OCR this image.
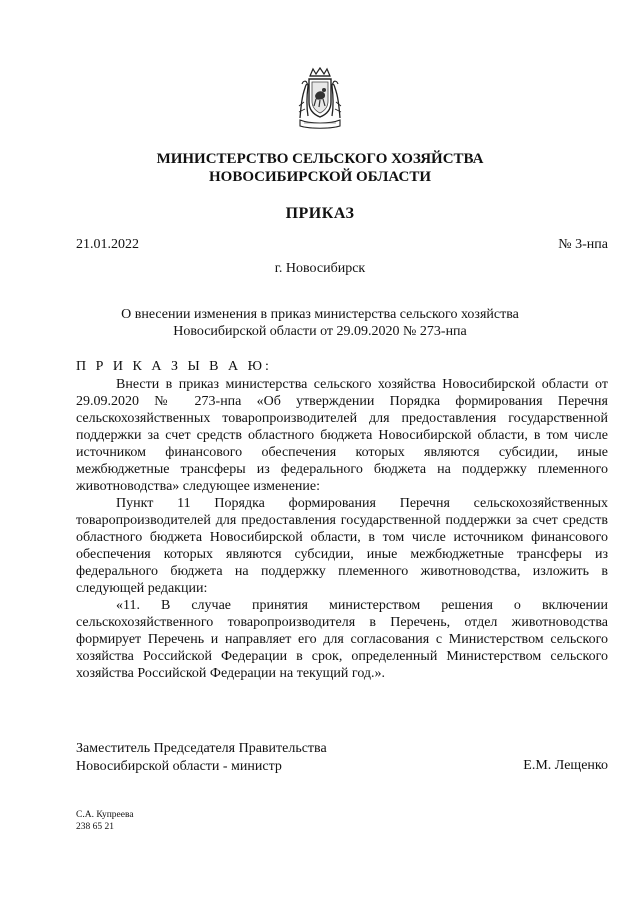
МИНИСТЕРСТВО СЕЛЬСКОГО ХОЗЯЙСТВА
НОВОСИБИРСКОЙ ОБЛАСТИ
ПРИКАЗ
21.01.2022	№ 3-нпа
г. Новосибирск
О внесении изменения в приказ министерства сельского хозяйства
Новосибирской области от 29.09.2020 № 273-нпа
П Р И К А З Ы В А Ю:

Внести в приказ министерства сельского хозяйства Новосибирской области от 29.09.2020 № 273-нпа «Об утверждении Порядка формирования Перечня сельскохозяйственных товаропроизводителей для предоставления государственной поддержки за счет средств областного бюджета Новосибирской области, в том числе источником финансового обеспечения которых являются субсидии, иные межбюджетные трансферы из федерального бюджета на поддержку племенного животноводства» следующее изменение:

Пункт 11 Порядка формирования Перечня сельскохозяйственных товаропроизводителей для предоставления государственной поддержки за счет средств областного бюджета Новосибирской области, в том числе источником финансового обеспечения которых являются субсидии, иные межбюджетные трансферы из федерального бюджета на поддержку племенного животноводства, изложить в следующей редакции:

«11. В случае принятия министерством решения о включении сельскохозяйственного товаропроизводителя в Перечень, отдел животноводства формирует Перечень и направляет его для согласования с Министерством сельского хозяйства Российской Федерации в срок, определенный Министерством сельского хозяйства Российской Федерации на текущий год.».

Заместитель Председателя Правительства
Новосибирской области - министр	Е.М. Лещенко
С.А. Купреева
238 65 21
